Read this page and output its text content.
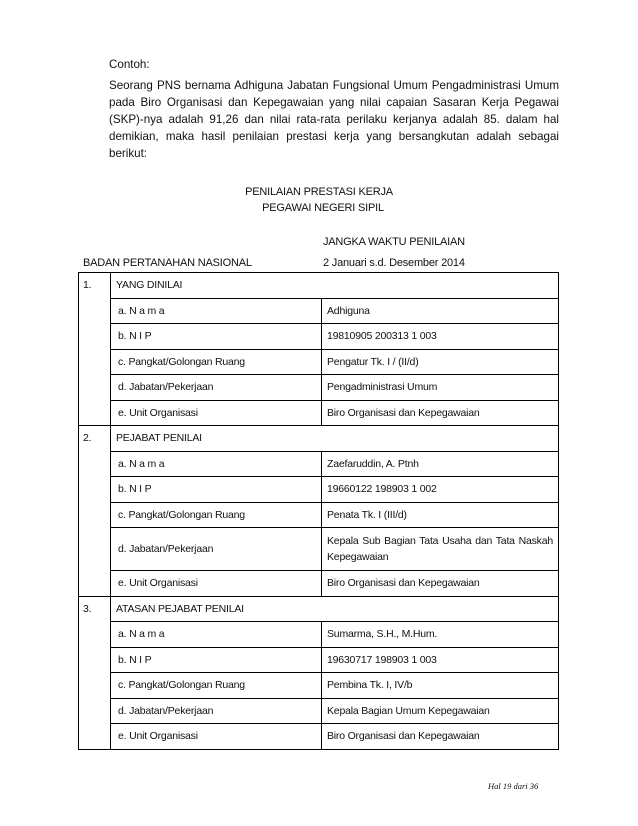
Contoh:

Seorang PNS bernama Adhiguna Jabatan Fungsional Umum Pengadministrasi Umum pada Biro Organisasi dan Kepegawaian yang nilai capaian Sasaran Kerja Pegawai (SKP)-nya adalah 91,26 dan nilai rata-rata perilaku kerjanya adalah 85. dalam hal demikian, maka hasil penilaian prestasi kerja yang bersangkutan adalah sebagai berikut:

PENILAIAN PRESTASI KERJA
PEGAWAI NEGERI SIPIL
JANGKA WAKTU PENILAIAN
BADAN PERTANAHAN NASIONAL	2 Januari s.d. Desember 2014
1.	YANG DINILAI	
	a. N a m a	Adhiguna
	b. N I P	19810905 200313 1 003
	c. Pangkat/Golongan Ruang	Pengatur Tk. I / (II/d)
	d. Jabatan/Pekerjaan	Pengadministrasi Umum
	e. Unit Organisasi	Biro Organisasi dan Kepegawaian
2.	PEJABAT PENILAI	
	a. N a m a	Zaefaruddin, A. Ptnh
	b. N I P	19660122 198903 1 002
	c. Pangkat/Golongan Ruang	Penata Tk. I (III/d)
	d. Jabatan/Pekerjaan	Kepala Sub Bagian Tata Usaha dan Tata Naskah Kepegawaian
	e. Unit Organisasi	Biro Organisasi dan Kepegawaian
3.	ATASAN PEJABAT PENILAI	
	a. N a m a	Sumarma, S.H., M.Hum.
	b. N I P	19630717 198903 1 003
	c. Pangkat/Golongan Ruang	Pembina Tk. I, IV/b
	d. Jabatan/Pekerjaan	Kepala Bagian Umum Kepegawaian
	e. Unit Organisasi	Biro Organisasi dan Kepegawaian
Hal 19 dari 36
